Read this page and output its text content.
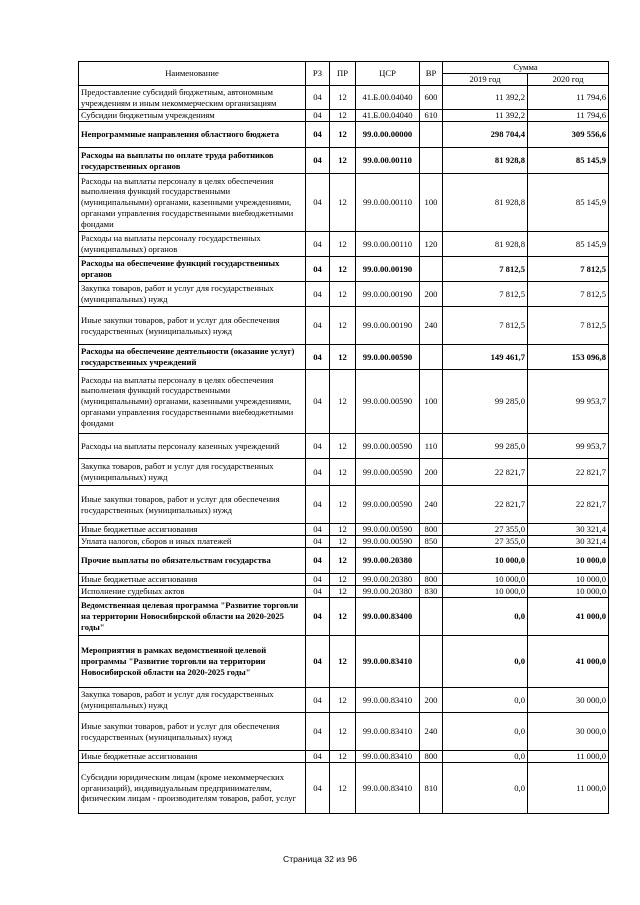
Наименование	РЗ	ПР	ЦСР	ВР	Сумма	
					2019 год	2020 год
Предоставление субсидий бюджетным, автономным учреждениям и иным некоммерческим организациям	04	12	41.Б.00.04040	600	11 392,2	11 794,6
Субсидии бюджетным учреждениям	04	12	41.Б.00.04040	610	11 392,2	11 794,6
Непрограммные направления областного бюджета	04	12	99.0.00.00000		298 704,4	309 556,6
Расходы на выплаты по оплате труда работников государственных органов	04	12	99.0.00.00110		81 928,8	85 145,9
Расходы на выплаты персоналу в целях обеспечения выполнения функций государственными (муниципальными) органами, казенными учреждениями, органами управления государственными внебюджетными фондами	04	12	99.0.00.00110	100	81 928,8	85 145,9
Расходы на выплаты персоналу государственных (муниципальных) органов	04	12	99.0.00.00110	120	81 928,8	85 145,9
Расходы на обеспечение функций государственных органов	04	12	99.0.00.00190		7 812,5	7 812,5
Закупка товаров, работ и услуг для государственных (муниципальных) нужд	04	12	99.0.00.00190	200	7 812,5	7 812,5
Иные закупки товаров, работ и услуг для обеспечения государственных (муниципальных) нужд	04	12	99.0.00.00190	240	7 812,5	7 812,5
Расходы на обеспечение деятельности (оказание услуг) государственных учреждений	04	12	99.0.00.00590		149 461,7	153 096,8
Расходы на выплаты персоналу в целях обеспечения выполнения функций государственными (муниципальными) органами, казенными учреждениями, органами управления государственными внебюджетными фондами	04	12	99.0.00.00590	100	99 285,0	99 953,7
Расходы на выплаты персоналу казенных учреждений	04	12	99.0.00.00590	110	99 285,0	99 953,7
Закупка товаров, работ и услуг для государственных (муниципальных) нужд	04	12	99.0.00.00590	200	22 821,7	22 821,7
Иные закупки товаров, работ и услуг для обеспечения государственных (муниципальных) нужд	04	12	99.0.00.00590	240	22 821,7	22 821,7
Иные бюджетные ассигнования	04	12	99.0.00.00590	800	27 355,0	30 321,4
Уплата налогов, сборов и иных платежей	04	12	99.0.00.00590	850	27 355,0	30 321,4
Прочие выплаты по обязательствам государства	04	12	99.0.00.20380		10 000,0	10 000,0
Иные бюджетные ассигнования	04	12	99.0.00.20380	800	10 000,0	10 000,0
Исполнение судебных актов	04	12	99.0.00.20380	830	10 000,0	10 000,0
Ведомственная целевая программа "Развитие торговли на территории Новосибирской области на 2020-2025 годы"	04	12	99.0.00.83400		0,0	41 000,0
Мероприятия в рамках ведомственной целевой программы "Развитие торговли на территории Новосибирской области на 2020-2025 годы"	04	12	99.0.00.83410		0,0	41 000,0
Закупка товаров, работ и услуг для государственных (муниципальных) нужд	04	12	99.0.00.83410	200	0,0	30 000,0
Иные закупки товаров, работ и услуг для обеспечения государственных (муниципальных) нужд	04	12	99.0.00.83410	240	0,0	30 000,0
Иные бюджетные ассигнования	04	12	99.0.00.83410	800	0,0	11 000,0
Субсидии юридическим лицам (кроме некоммерческих организаций), индивидуальным предпринимателям, физическим лицам - производителям товаров, работ, услуг	04	12	99.0.00.83410	810	0,0	11 000,0
Страница 32 из 96
